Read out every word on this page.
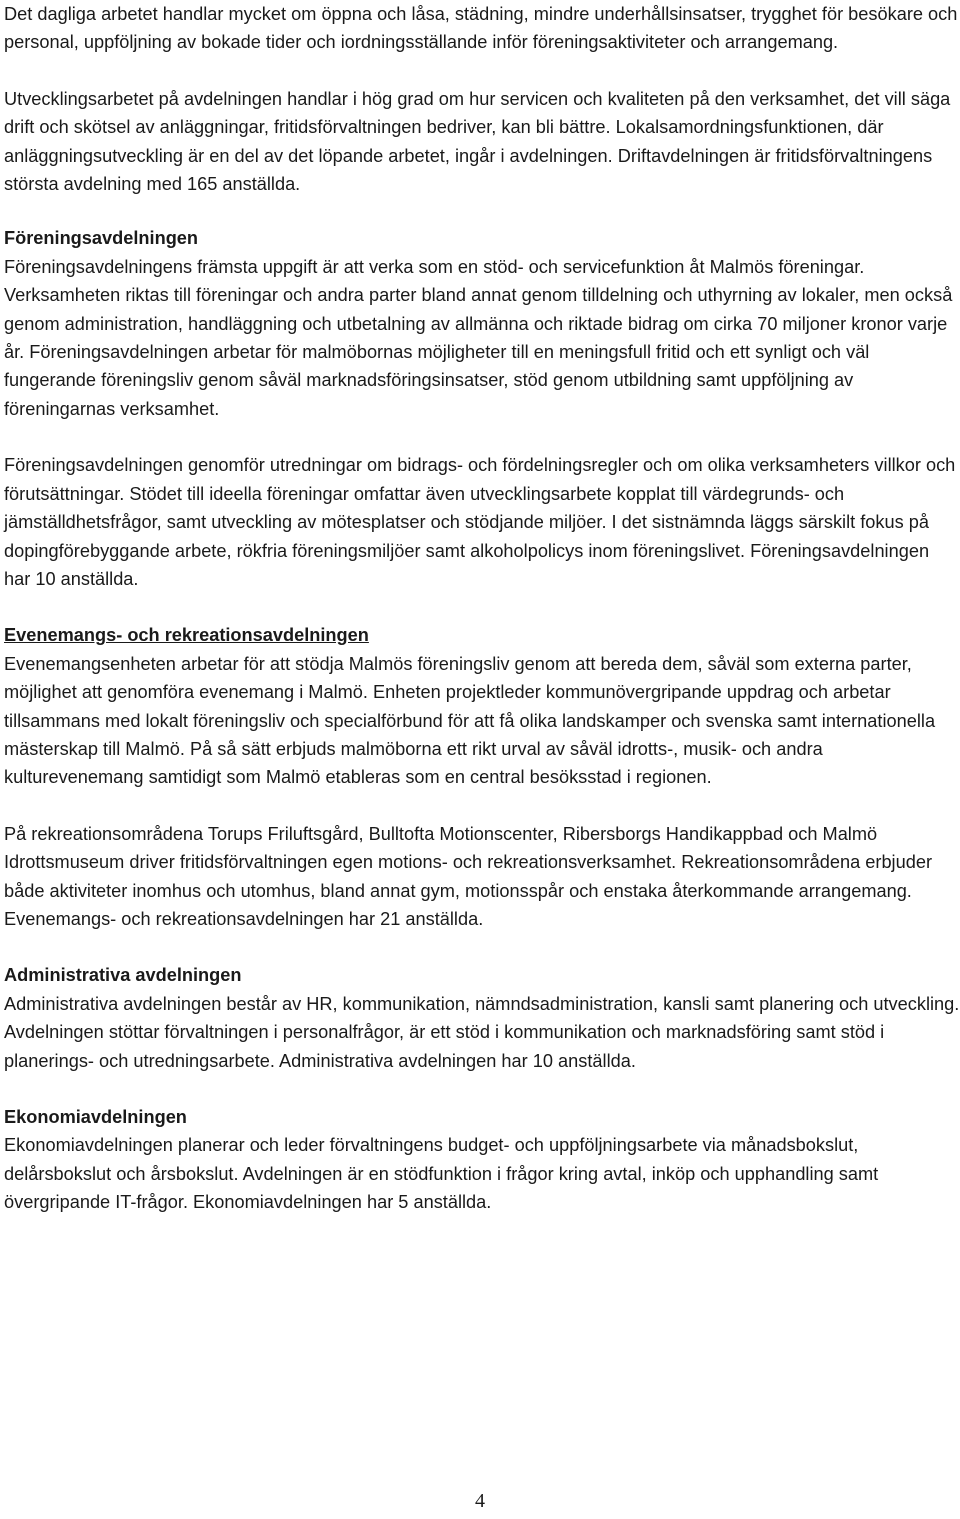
Det dagliga arbetet handlar mycket om öppna och låsa, städning, mindre underhållsinsatser, trygghet för besökare och personal, uppföljning av bokade tider och iordningsställande inför föreningsaktiviteter och arrangemang.

Utvecklingsarbetet på avdelningen handlar i hög grad om hur servicen och kvaliteten på den verksamhet, det vill säga drift och skötsel av anläggningar, fritidsförvaltningen bedriver, kan bli bättre. Lokalsamordningsfunktionen, där anläggningsutveckling är en del av det löpande arbetet, ingår i avdelningen. Driftavdelningen är fritidsförvaltningens största avdelning med 165 anställda.

Föreningsavdelningen

Föreningsavdelningens främsta uppgift är att verka som en stöd- och servicefunktion åt Malmös föreningar. Verksamheten riktas till föreningar och andra parter bland annat genom tilldelning och uthyrning av lokaler, men också genom administration, handläggning och utbetalning av allmänna och riktade bidrag om cirka 70 miljoner kronor varje år. Föreningsavdelningen arbetar för malmöbornas möjligheter till en meningsfull fritid och ett synligt och väl fungerande föreningsliv genom såväl marknadsföringsinsatser, stöd genom utbildning samt uppföljning av föreningarnas verksamhet.

Föreningsavdelningen genomför utredningar om bidrags- och fördelningsregler och om olika verksamheters villkor och förutsättningar. Stödet till ideella föreningar omfattar även utvecklingsarbete kopplat till värdegrunds- och jämställdhetsfrågor, samt utveckling av mötesplatser och stödjande miljöer. I det sistnämnda läggs särskilt fokus på dopingförebyggande arbete, rökfria föreningsmiljöer samt alkoholpolicys inom föreningslivet. Föreningsavdelningen har 10 anställda.

Evenemangs- och rekreationsavdelningen

Evenemangsenheten arbetar för att stödja Malmös föreningsliv genom att bereda dem, såväl som externa parter, möjlighet att genomföra evenemang i Malmö. Enheten projektleder kommunövergripande uppdrag och arbetar tillsammans med lokalt föreningsliv och specialförbund för att få olika landskamper och svenska samt internationella mästerskap till Malmö. På så sätt erbjuds malmöborna ett rikt urval av såväl idrotts-, musik- och andra kulturevenemang samtidigt som Malmö etableras som en central besöksstad i regionen.

På rekreationsområdena Torups Friluftsgård, Bulltofta Motionscenter, Ribersborgs Handikappbad och Malmö Idrottsmuseum driver fritidsförvaltningen egen motions- och rekreationsverksamhet. Rekreationsområdena erbjuder både aktiviteter inomhus och utomhus, bland annat gym, motionsspår och enstaka återkommande arrangemang. Evenemangs- och rekreationsavdelningen har 21 anställda.

Administrativa avdelningen

Administrativa avdelningen består av HR, kommunikation, nämndsadministration, kansli samt planering och utveckling. Avdelningen stöttar förvaltningen i personalfrågor, är ett stöd i kommunikation och marknadsföring samt stöd i planerings- och utredningsarbete. Administrativa avdelningen har 10 anställda.

Ekonomiavdelningen

Ekonomiavdelningen planerar och leder förvaltningens budget- och uppföljningsarbete via månadsbokslut, delårsbokslut och årsbokslut. Avdelningen är en stödfunktion i frågor kring avtal, inköp och upphandling samt övergripande IT-frågor. Ekonomiavdelningen har 5 anställda.

4
